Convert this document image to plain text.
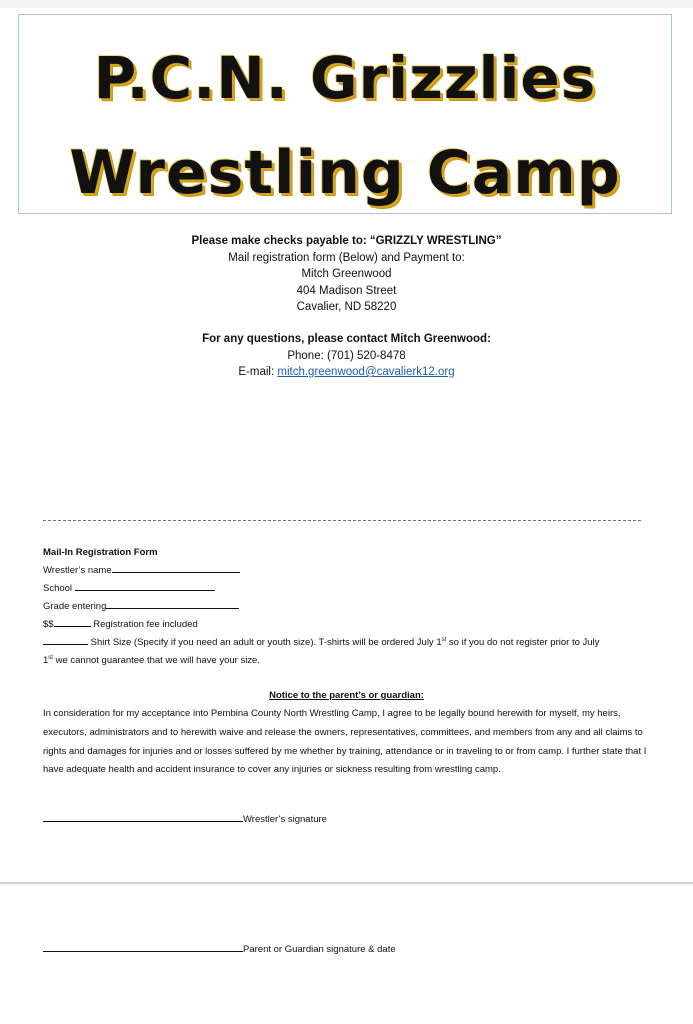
P.C.N. Grizzlies
Wrestling Camp
Please make checks payable to: “GRIZZLY WRESTLING”
Mail registration form (Below) and Payment to:
Mitch Greenwood
404 Madison Street
Cavalier, ND 58220
For any questions, please contact Mitch Greenwood:
Phone: (701) 520-8478
E-mail: mitch.greenwood@cavalierk12.org
Mail-In Registration Form
Wrestler’s name
School
Grade entering
$$	Registration fee included
Shirt Size (Specify if you need an adult or youth size). T-shirts will be ordered July 1st so if you do not register prior to July
1st we cannot guarantee that we will have your size.
Notice to the parent’s or guardian:
In consideration for my acceptance into Pembina County North Wrestling Camp, I agree to be legally bound herewith for myself, my heirs, executors, administrators and to herewith waive and release the owners, representatives, committees, and members from any and all claims to rights and damages for injuries and or losses suffered by me whether by training, attendance or in traveling to or from camp. I further state that I have adequate health and accident insurance to cover any injuries or sickness resulting from wrestling camp.
Wrestler’s signature
Parent or Guardian signature & date
